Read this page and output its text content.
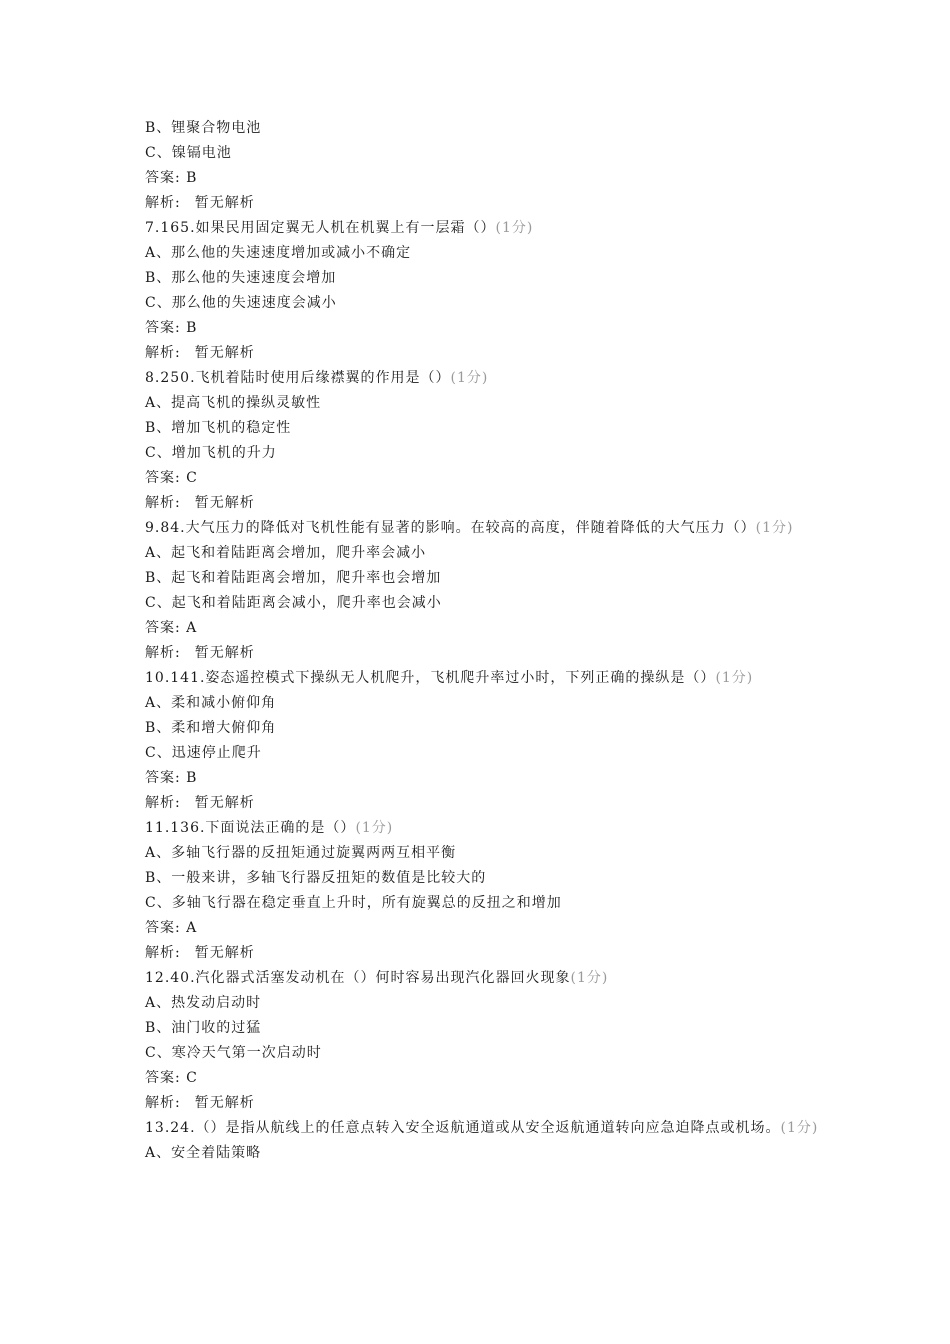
B、锂聚合物电池
C、镍镉电池
答案: B
解析: 暂无解析
7.165.如果民用固定翼无人机在机翼上有一层霜（）(1分)
A、那么他的失速速度增加或减小不确定
B、那么他的失速速度会增加
C、那么他的失速速度会减小
答案: B
解析: 暂无解析
8.250.飞机着陆时使用后缘襟翼的作用是（）(1分)
A、提高飞机的操纵灵敏性
B、增加飞机的稳定性
C、增加飞机的升力
答案: C
解析: 暂无解析
9.84.大气压力的降低对飞机性能有显著的影响。在较高的高度，伴随着降低的大气压力（）(1分)
A、起飞和着陆距离会增加，爬升率会减小
B、起飞和着陆距离会增加，爬升率也会增加
C、起飞和着陆距离会减小，爬升率也会减小
答案: A
解析: 暂无解析
10.141.姿态遥控模式下操纵无人机爬升，飞机爬升率过小时，下列正确的操纵是（）(1分)
A、柔和减小俯仰角
B、柔和增大俯仰角
C、迅速停止爬升
答案: B
解析: 暂无解析
11.136.下面说法正确的是（）(1分)
A、多轴飞行器的反扭矩通过旋翼两两互相平衡
B、一般来讲，多轴飞行器反扭矩的数值是比较大的
C、多轴飞行器在稳定垂直上升时，所有旋翼总的反扭之和增加
答案: A
解析: 暂无解析
12.40.汽化器式活塞发动机在（）何时容易出现汽化器回火现象(1分)
A、热发动启动时
B、油门收的过猛
C、寒冷天气第一次启动时
答案: C
解析: 暂无解析
13.24.（）是指从航线上的任意点转入安全返航通道或从安全返航通道转向应急迫降点或机场。(1分)
A、安全着陆策略
